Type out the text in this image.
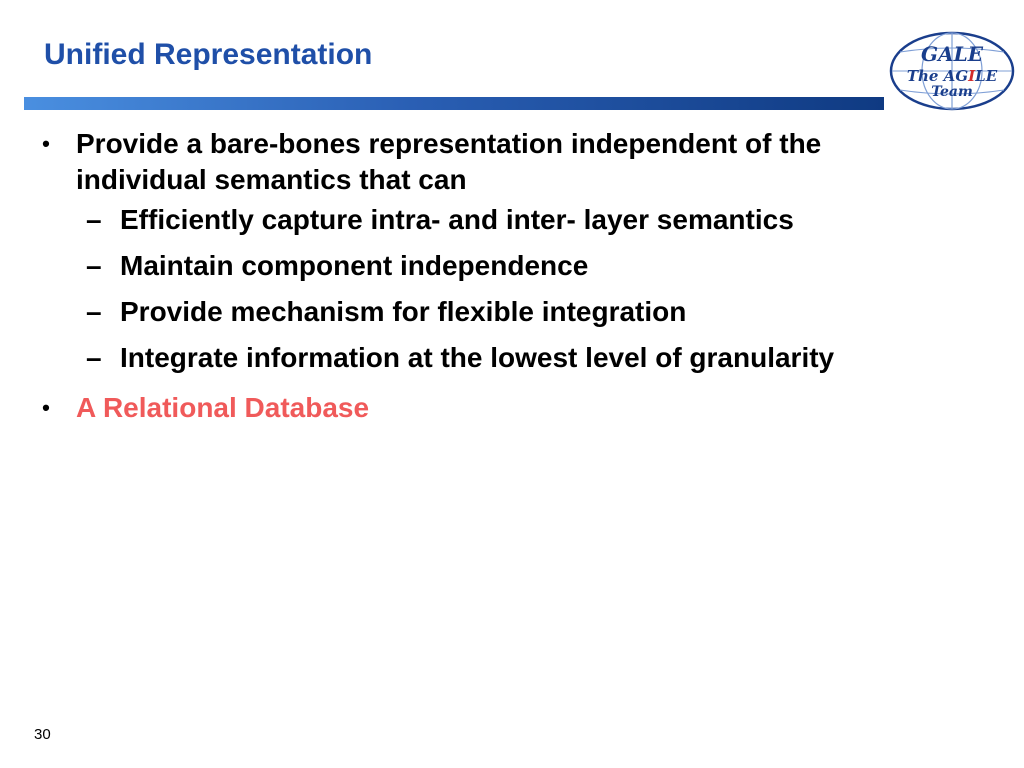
Unified Representation	GALE
The AGILE
Team
• Provide a bare-bones representation independent of the individual semantics that can
– Efficiently capture intra- and inter- layer semantics
– Maintain component independence
– Provide mechanism for flexible integration
– Integrate information at the lowest level of granularity
• A Relational Database
30
